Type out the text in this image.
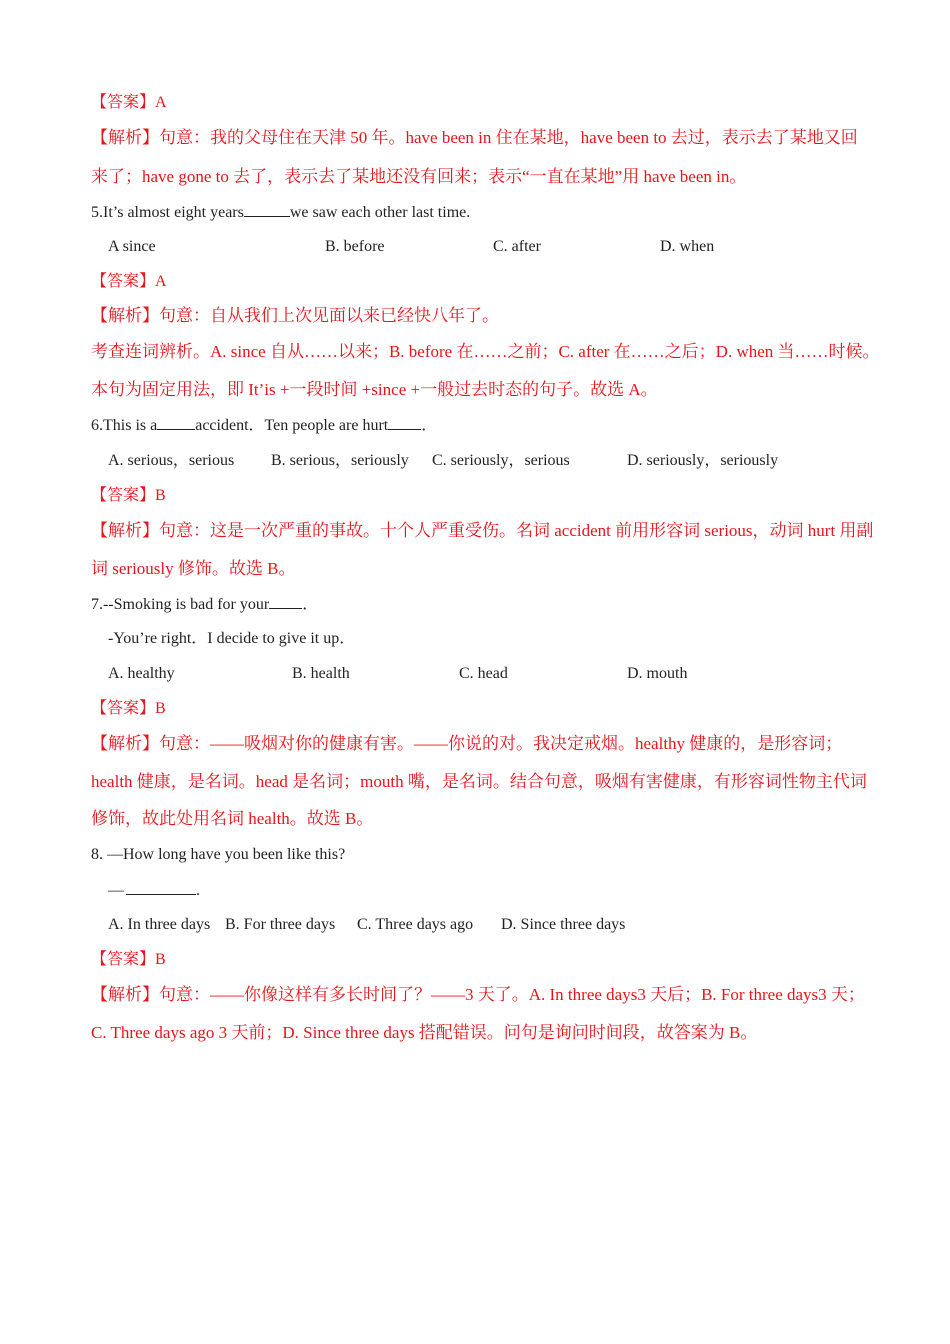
【答案】A
【解析】句意：我的父母住在天津 50 年。have been in 住在某地，have been to 去过，表示去了某地又回
来了；have gone to 去了，表示去了某地还没有回来；表示“一直在某地”用 have been in。
5.It’s almost eight years	we saw each other last time.
A since	B. before	C. after	D. when
【答案】A
【解析】句意：自从我们上次见面以来已经快八年了。
考查连词辨析。A. since 自从……以来；B. before 在……之前；C. after 在……之后；D. when 当……时候。
本句为固定用法，即 It’is +一段时间 +since +一般过去时态的句子。故选 A。
6.This is a accident．Ten people are hurt ．
A. serious，serious B. serious，seriously C. seriously，serious	D. seriously，seriously
【答案】B
【解析】句意：这是一次严重的事故。十个人严重受伤。名词 accident 前用形容词 serious，动词 hurt 用副
词 seriously 修饰。故选 B。
7.--Smoking is bad for your ．
-You’re right．I decide to give it up．
A. healthy	B. health	C. head	D. mouth
【答案】B
【解析】句意：——吸烟对你的健康有害。——你说的对。我决定戒烟。healthy 健康的，是形容词；
health 健康，是名词。head 是名词；mouth 嘴，是名词。结合句意，吸烟有害健康，有形容词性物主代词
修饰，故此处用名词 health。故选 B。
8. —How long have you been like this?
—	.
A. In three days B. For three days C. Three days ago D. Since three days
【答案】B
【解析】句意：——你像这样有多长时间了？——3 天了。A. In three days3 天后；B. For three days3 天；
C. Three days ago 3 天前；D. Since three days 搭配错误。问句是询问时间段，故答案为 B。
